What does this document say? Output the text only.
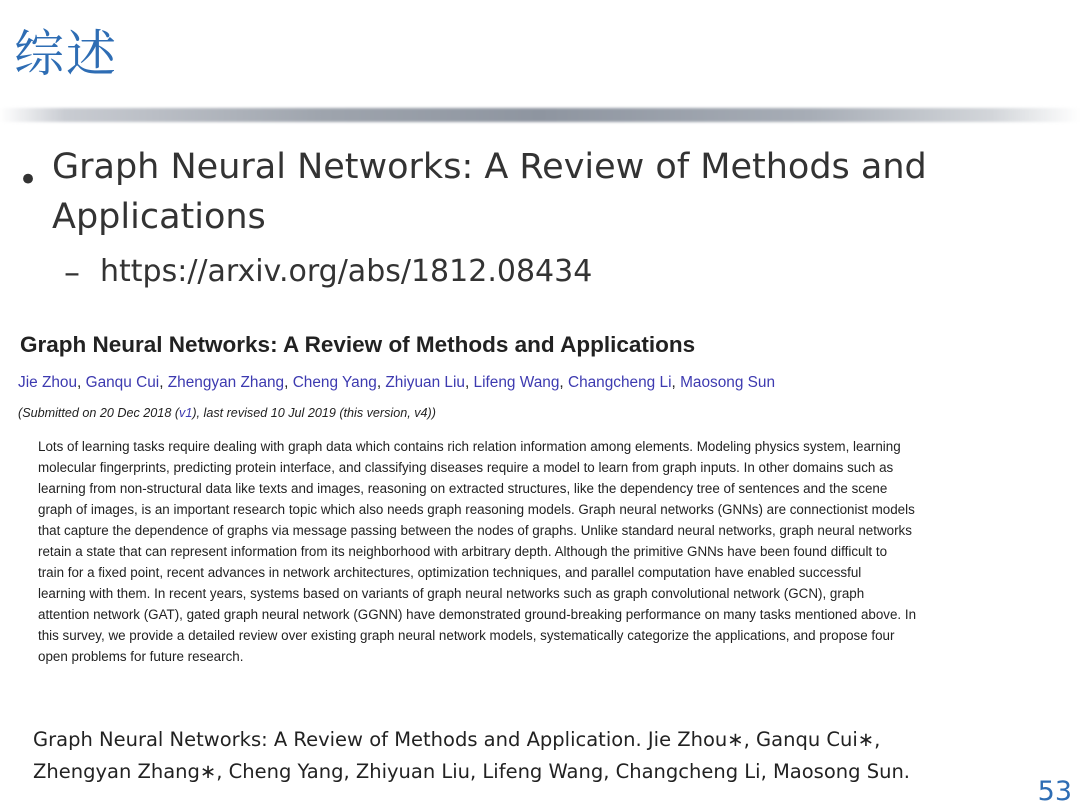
综述
• Graph Neural Networks: A Review of Methods and Applications
– https://arxiv.org/abs/1812.08434
Graph Neural Networks: A Review of Methods and Applications
Jie Zhou, Ganqu Cui, Zhengyan Zhang, Cheng Yang, Zhiyuan Liu, Lifeng Wang, Changcheng Li, Maosong Sun
(Submitted on 20 Dec 2018 (v1), last revised 10 Jul 2019 (this version, v4))
Lots of learning tasks require dealing with graph data which contains rich relation information among elements. Modeling physics system, learning
molecular fingerprints, predicting protein interface, and classifying diseases require a model to learn from graph inputs. In other domains such as
learning from non-structural data like texts and images, reasoning on extracted structures, like the dependency tree of sentences and the scene
graph of images, is an important research topic which also needs graph reasoning models. Graph neural networks (GNNs) are connectionist models
that capture the dependence of graphs via message passing between the nodes of graphs. Unlike standard neural networks, graph neural networks
retain a state that can represent information from its neighborhood with arbitrary depth. Although the primitive GNNs have been found difficult to
train for a fixed point, recent advances in network architectures, optimization techniques, and parallel computation have enabled successful
learning with them. In recent years, systems based on variants of graph neural networks such as graph convolutional network (GCN), graph
attention network (GAT), gated graph neural network (GGNN) have demonstrated ground-breaking performance on many tasks mentioned above. In
this survey, we provide a detailed review over existing graph neural network models, systematically categorize the applications, and propose four
open problems for future research.
Graph Neural Networks: A Review of Methods and Application. Jie Zhou∗, Ganqu Cui∗,
Zhengyan Zhang∗, Cheng Yang, Zhiyuan Liu, Lifeng Wang, Changcheng Li, Maosong Sun.
53
